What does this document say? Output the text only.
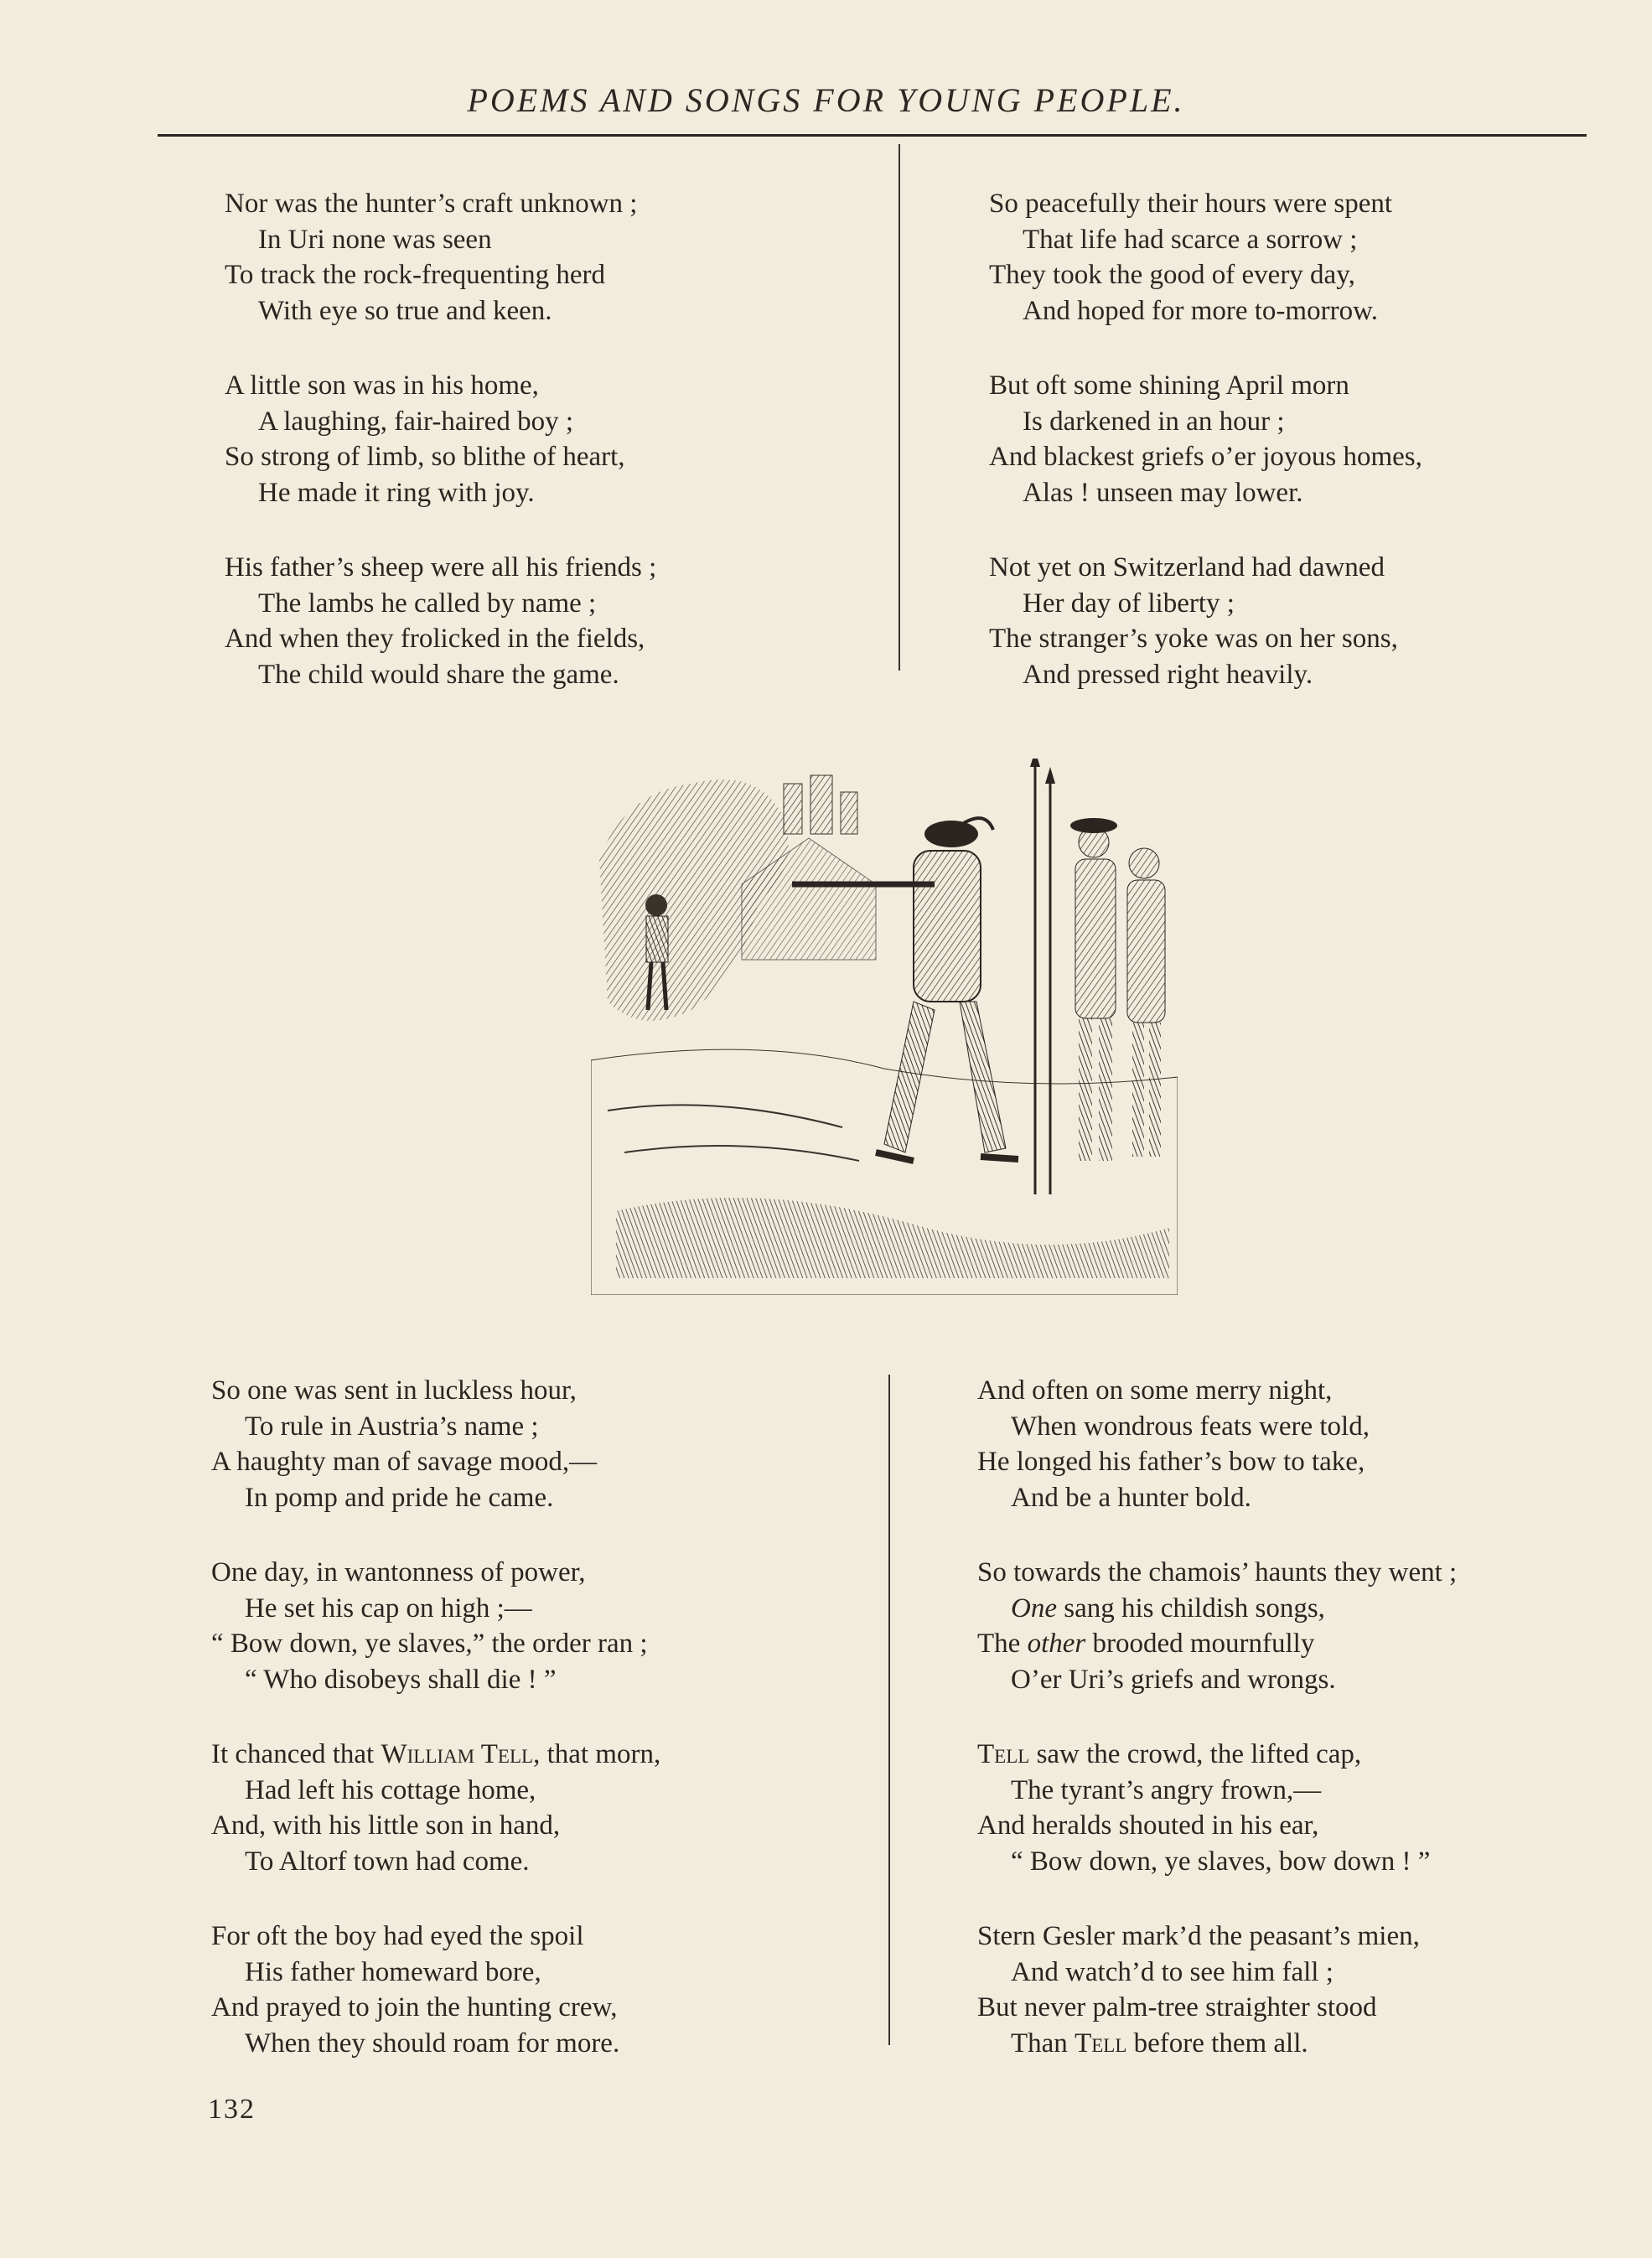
POEMS AND SONGS FOR YOUNG PEOPLE.
Nor was the hunter’s craft unknown ;
In Uri none was seen
To track the rock-frequenting herd
With eye so true and keen.
A little son was in his home,
A laughing, fair-haired boy ;
So strong of limb, so blithe of heart,
He made it ring with joy.
His father’s sheep were all his friends ;
The lambs he called by name ;
And when they frolicked in the fields,
The child would share the game.
So peacefully their hours were spent
That life had scarce a sorrow ;
They took the good of every day,
And hoped for more to-morrow.
But oft some shining April morn
Is darkened in an hour ;
And blackest griefs o’er joyous homes,
Alas ! unseen may lower.
Not yet on Switzerland had dawned
Her day of liberty ;
The stranger’s yoke was on her sons,
And pressed right heavily.
So one was sent in luckless hour,
To rule in Austria’s name ;
A haughty man of savage mood,—
In pomp and pride he came.
One day, in wantonness of power,
He set his cap on high ;—
“ Bow down, ye slaves,” the order ran ;
“ Who disobeys shall die ! ”
It chanced that William Tell, that morn,
Had left his cottage home,
And, with his little son in hand,
To Altorf town had come.
For oft the boy had eyed the spoil
His father homeward bore,
And prayed to join the hunting crew,
When they should roam for more.
And often on some merry night,
When wondrous feats were told,
He longed his father’s bow to take,
And be a hunter bold.
So towards the chamois’ haunts they went ;
One sang his childish songs,
The other brooded mournfully
O’er Uri’s griefs and wrongs.
Tell saw the crowd, the lifted cap,
The tyrant’s angry frown,—
And heralds shouted in his ear,
“ Bow down, ye slaves, bow down ! ”
Stern Gesler mark’d the peasant’s mien,
And watch’d to see him fall ;
But never palm-tree straighter stood
Than Tell before them all.
132
